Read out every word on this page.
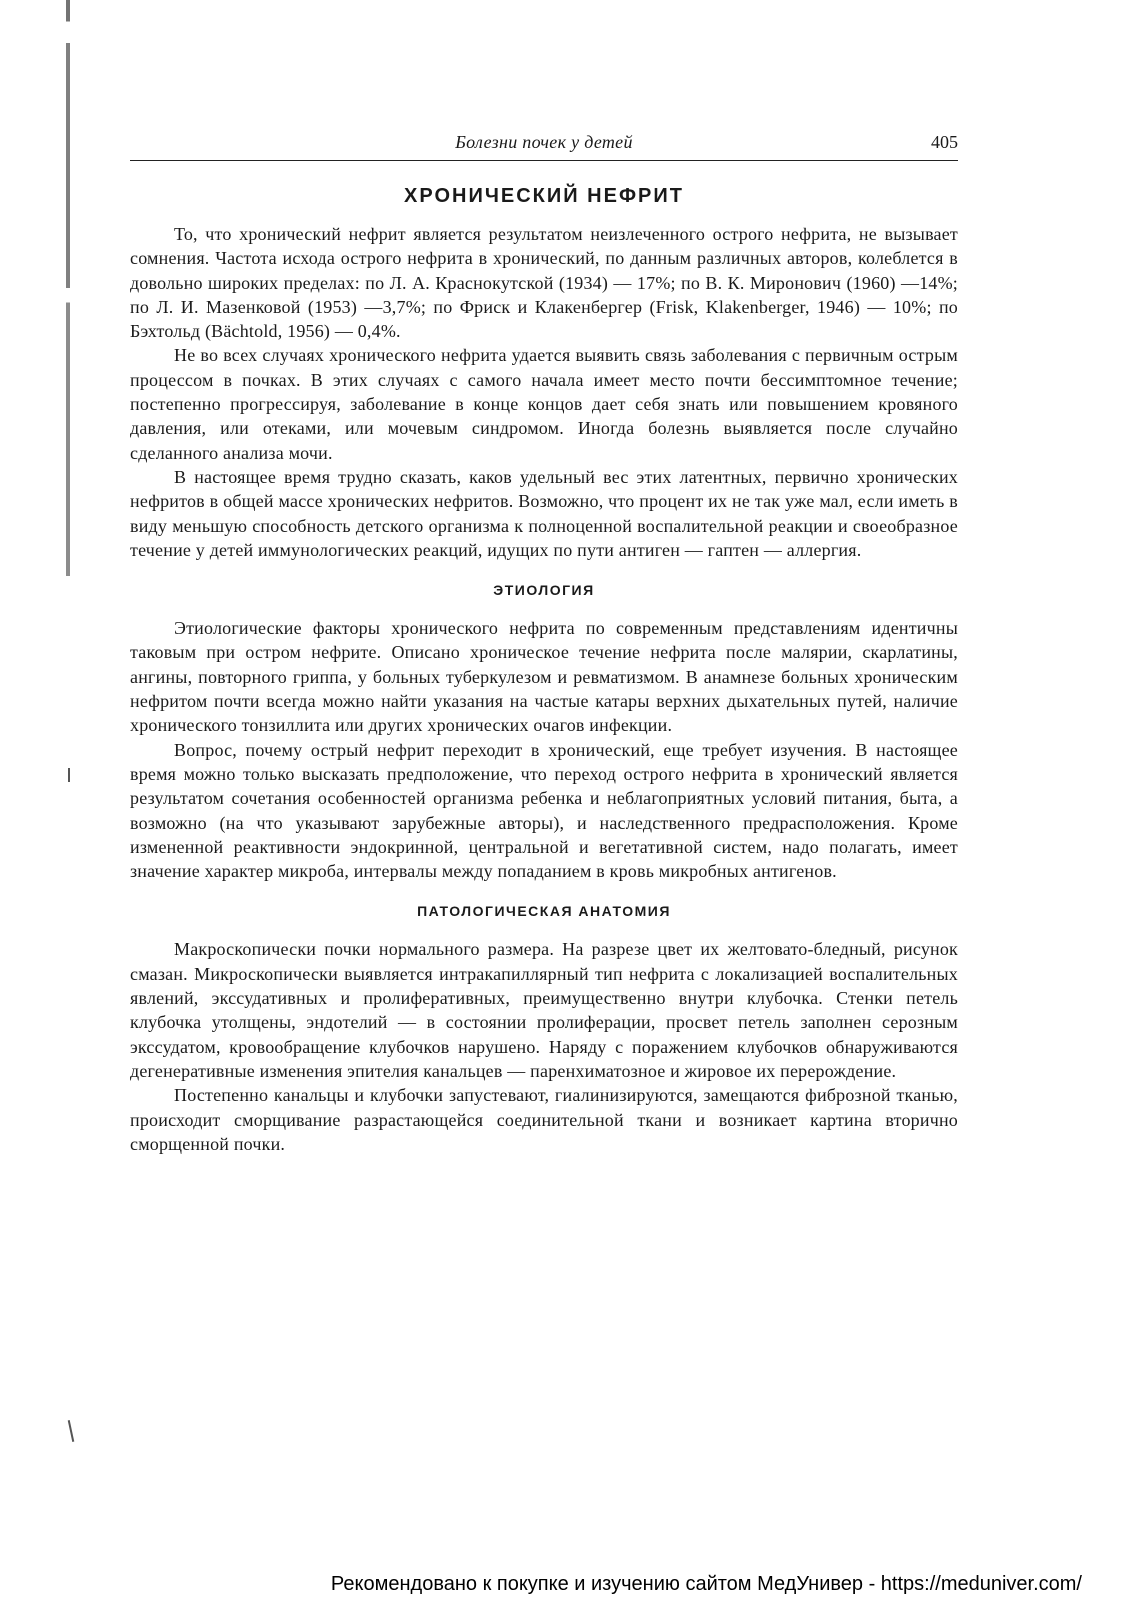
Болезни почек у детей	405
ХРОНИЧЕСКИЙ НЕФРИТ

То, что хронический нефрит является результатом неизлеченного острого нефрита, не вызывает сомнения. Частота исхода острого нефрита в хронический, по данным различных авторов, колеблется в довольно широких пределах: по Л. А. Краснокутской (1934) — 17%; по В. К. Миронович (1960) —14%; по Л. И. Мазенковой (1953) —3,7%; по Фриск и Клакенбергер (Frisk, Klakenberger, 1946) — 10%; по Бэхтольд (Bächtold, 1956) — 0,4%.

Не во всех случаях хронического нефрита удается выявить связь заболевания с первичным острым процессом в почках. В этих случаях с самого начала имеет место почти бессимптомное течение; постепенно прогрессируя, заболевание в конце концов дает себя знать или повышением кровяного давления, или отеками, или мочевым синдромом. Иногда болезнь выявляется после случайно сделанного анализа мочи.

В настоящее время трудно сказать, каков удельный вес этих латентных, первично хронических нефритов в общей массе хронических нефритов. Возможно, что процент их не так уже мал, если иметь в виду меньшую способность детского организма к полноценной воспалительной реакции и своеобразное течение у детей иммунологических реакций, идущих по пути антиген — гаптен — аллергия.

ЭТИОЛОГИЯ

Этиологические факторы хронического нефрита по современным представлениям идентичны таковым при остром нефрите. Описано хроническое течение нефрита после малярии, скарлатины, ангины, повторного гриппа, у больных туберкулезом и ревматизмом. В анамнезе больных хроническим нефритом почти всегда можно найти указания на частые катары верхних дыхательных путей, наличие хронического тонзиллита или других хронических очагов инфекции.

Вопрос, почему острый нефрит переходит в хронический, еще требует изучения. В настоящее время можно только высказать предположение, что переход острого нефрита в хронический является результатом сочетания особенностей организма ребенка и неблагоприятных условий питания, быта, а возможно (на что указывают зарубежные авторы), и наследственного предрасположения. Кроме измененной реактивности эндокринной, центральной и вегетативной систем, надо полагать, имеет значение характер микроба, интервалы между попаданием в кровь микробных антигенов.

ПАТОЛОГИЧЕСКАЯ АНАТОМИЯ

Макроскопически почки нормального размера. На разрезе цвет их желтовато-бледный, рисунок смазан. Микроскопически выявляется интракапиллярный тип нефрита с локализацией воспалительных явлений, экссудативных и пролиферативных, преимущественно внутри клубочка. Стенки петель клубочка утолщены, эндотелий — в состоянии пролиферации, просвет петель заполнен серозным экссудатом, кровообращение клубочков нарушено. Наряду с поражением клубочков обнаруживаются дегенеративные изменения эпителия канальцев — паренхиматозное и жировое их перерождение.

Постепенно канальцы и клубочки запустевают, гиалинизируются, замещаются фиброзной тканью, происходит сморщивание разрастающейся соединительной ткани и возникает картина вторично сморщенной почки.

Рекомендовано к покупке и изучению сайтом МедУнивер - https://meduniver.com/
